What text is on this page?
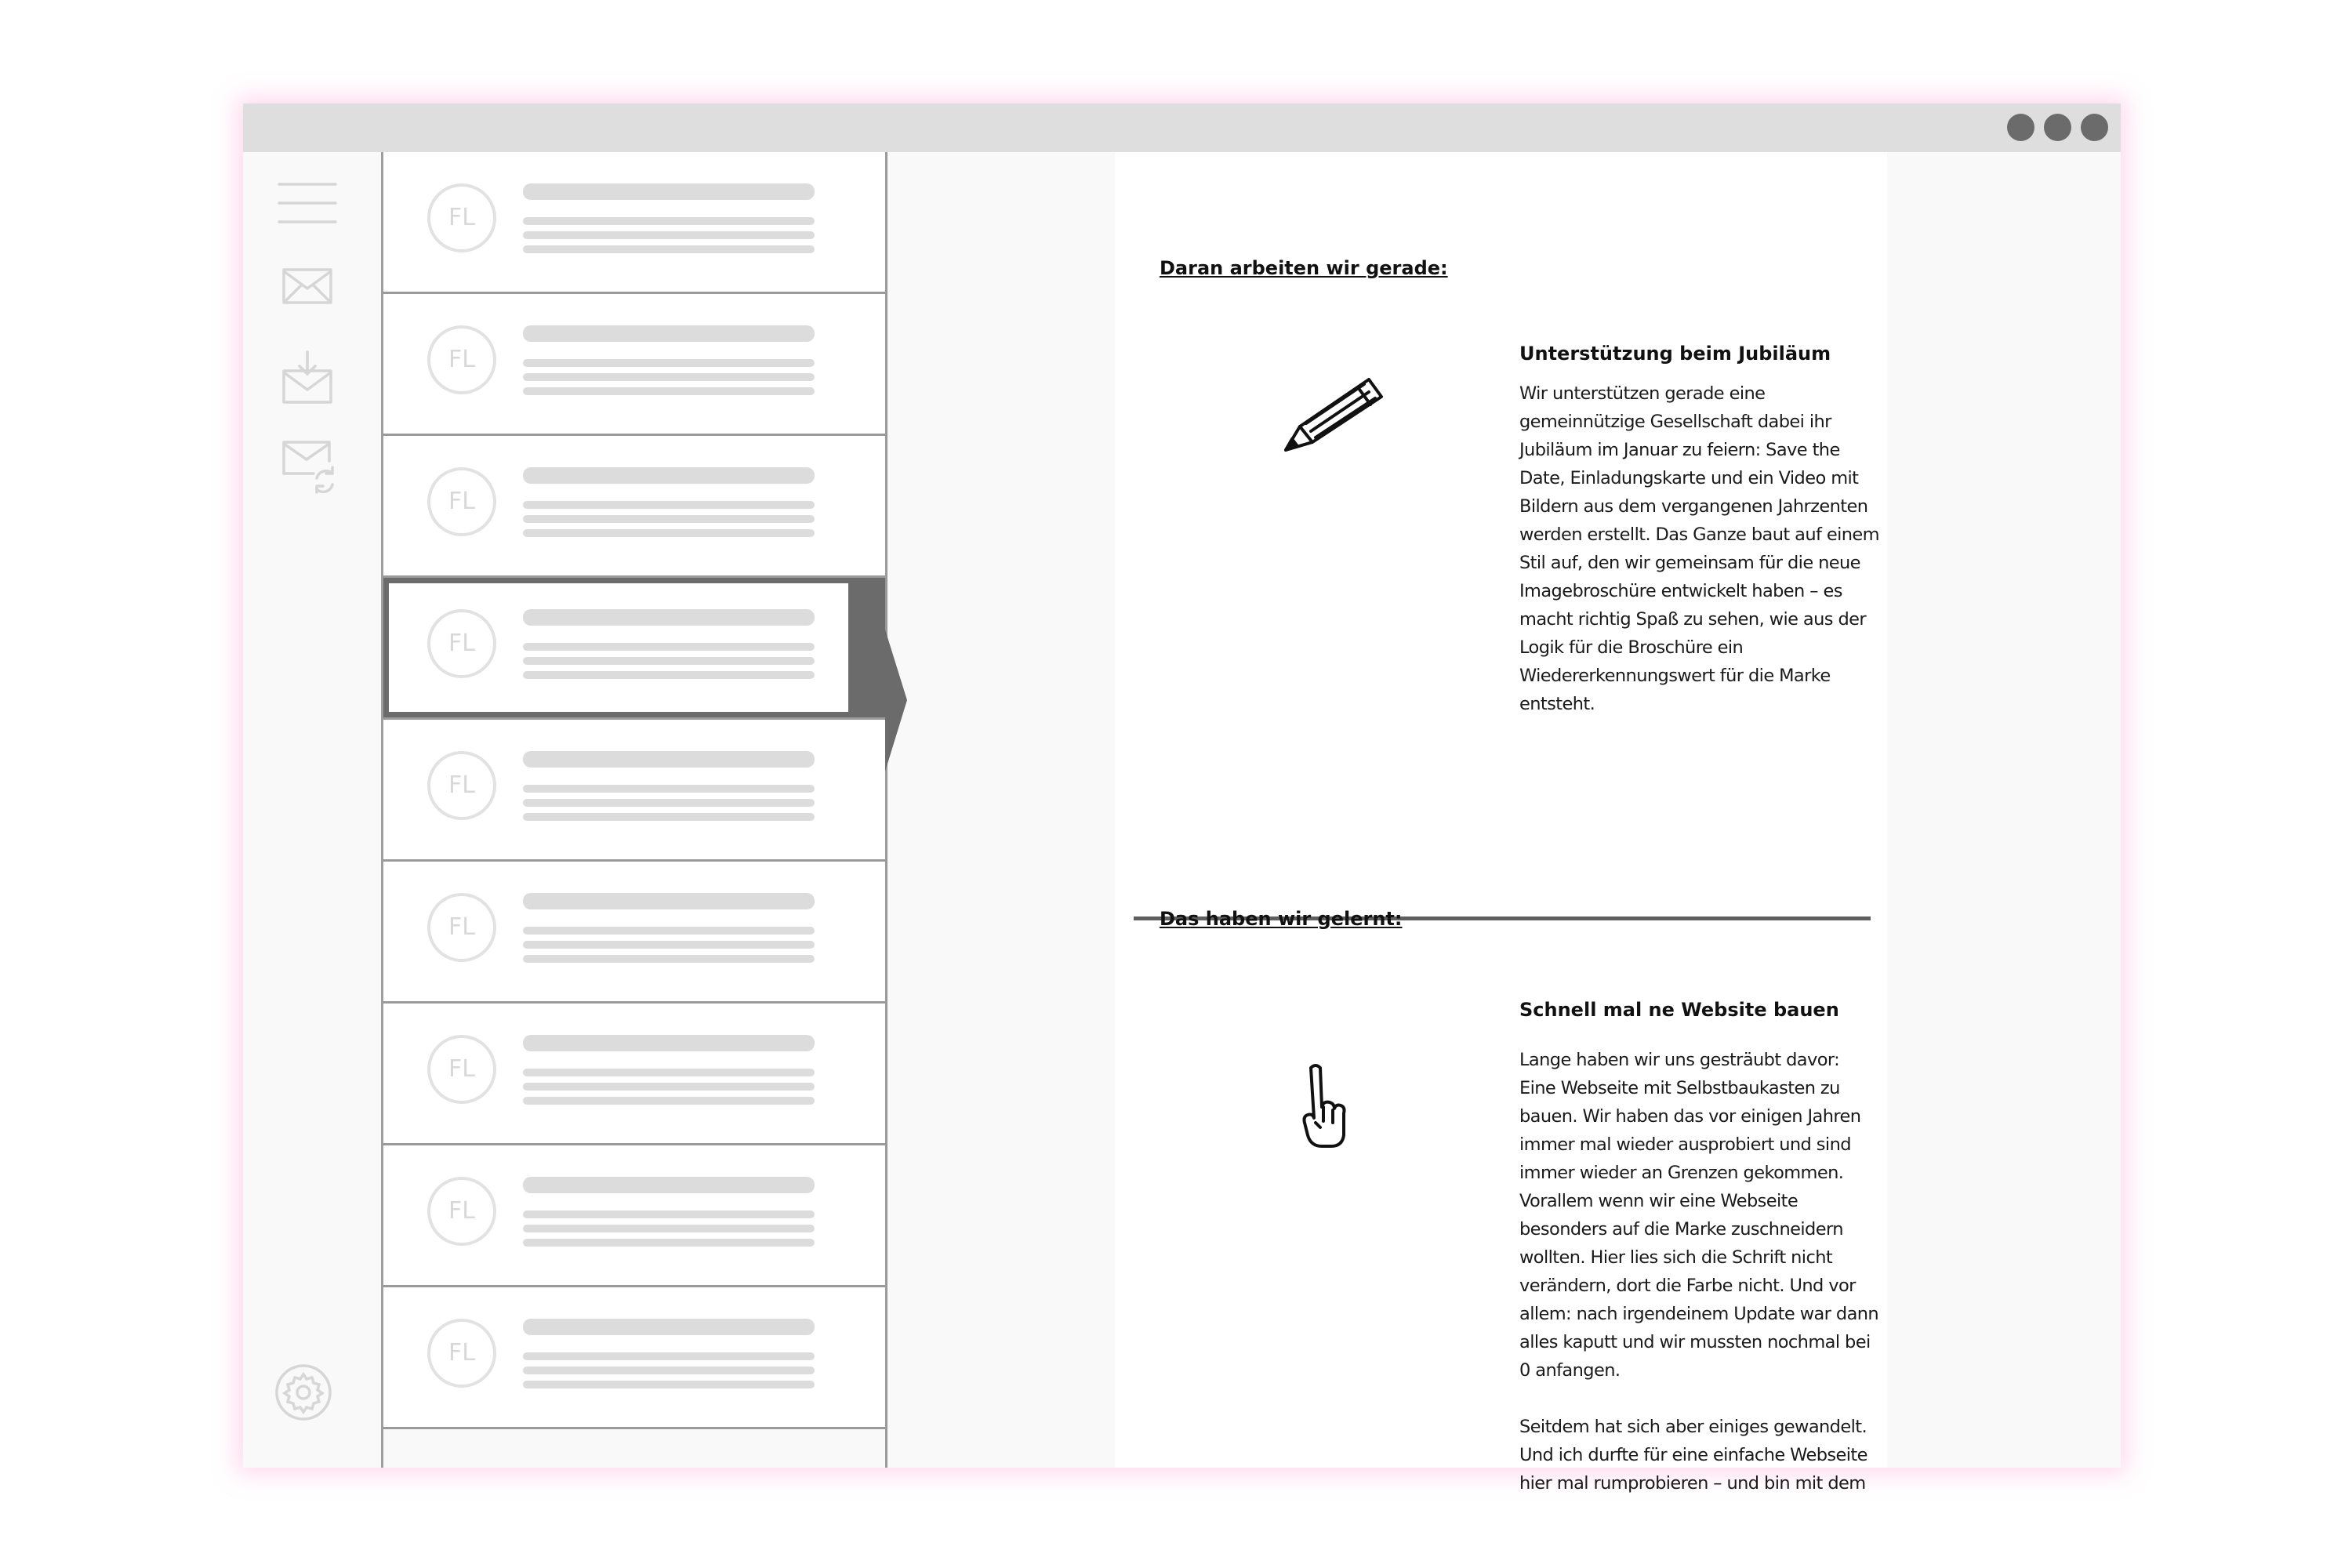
FL
FL
FL
FL
FL
FL
FL
FL
FL
Daran arbeiten wir gerade:
Unterstützung beim Jubiläum

Wir unterstützen gerade eine gemeinnützige Gesellschaft dabei ihr Jubiläum im Januar zu feiern: Save the Date, Einladungskarte und ein Video mit Bildern aus dem vergangenen Jahrzenten werden erstellt. Das Ganze baut auf einem Stil auf, den wir gemeinsam für die neue Imagebroschüre entwickelt haben – es macht richtig Spaß zu sehen, wie aus der Logik für die Broschüre ein Wiedererkennungswert für die Marke entsteht.

Das haben wir gelernt:
Schnell mal ne Website bauen

Lange haben wir uns gesträubt davor: Eine Webseite mit Selbstbaukasten zu bauen. Wir haben das vor einigen Jahren immer mal wieder ausprobiert und sind immer wieder an Grenzen gekommen. Vorallem wenn wir eine Webseite besonders auf die Marke zuschneidern wollten. Hier lies sich die Schrift nicht verändern, dort die Farbe nicht. Und vor allem: nach irgendeinem Update war dann alles kaputt und wir mussten nochmal bei 0 anfangen.
Seitdem hat sich aber einiges gewandelt. Und ich durfte für eine einfache Webseite hier mal rumprobieren – und bin mit dem
